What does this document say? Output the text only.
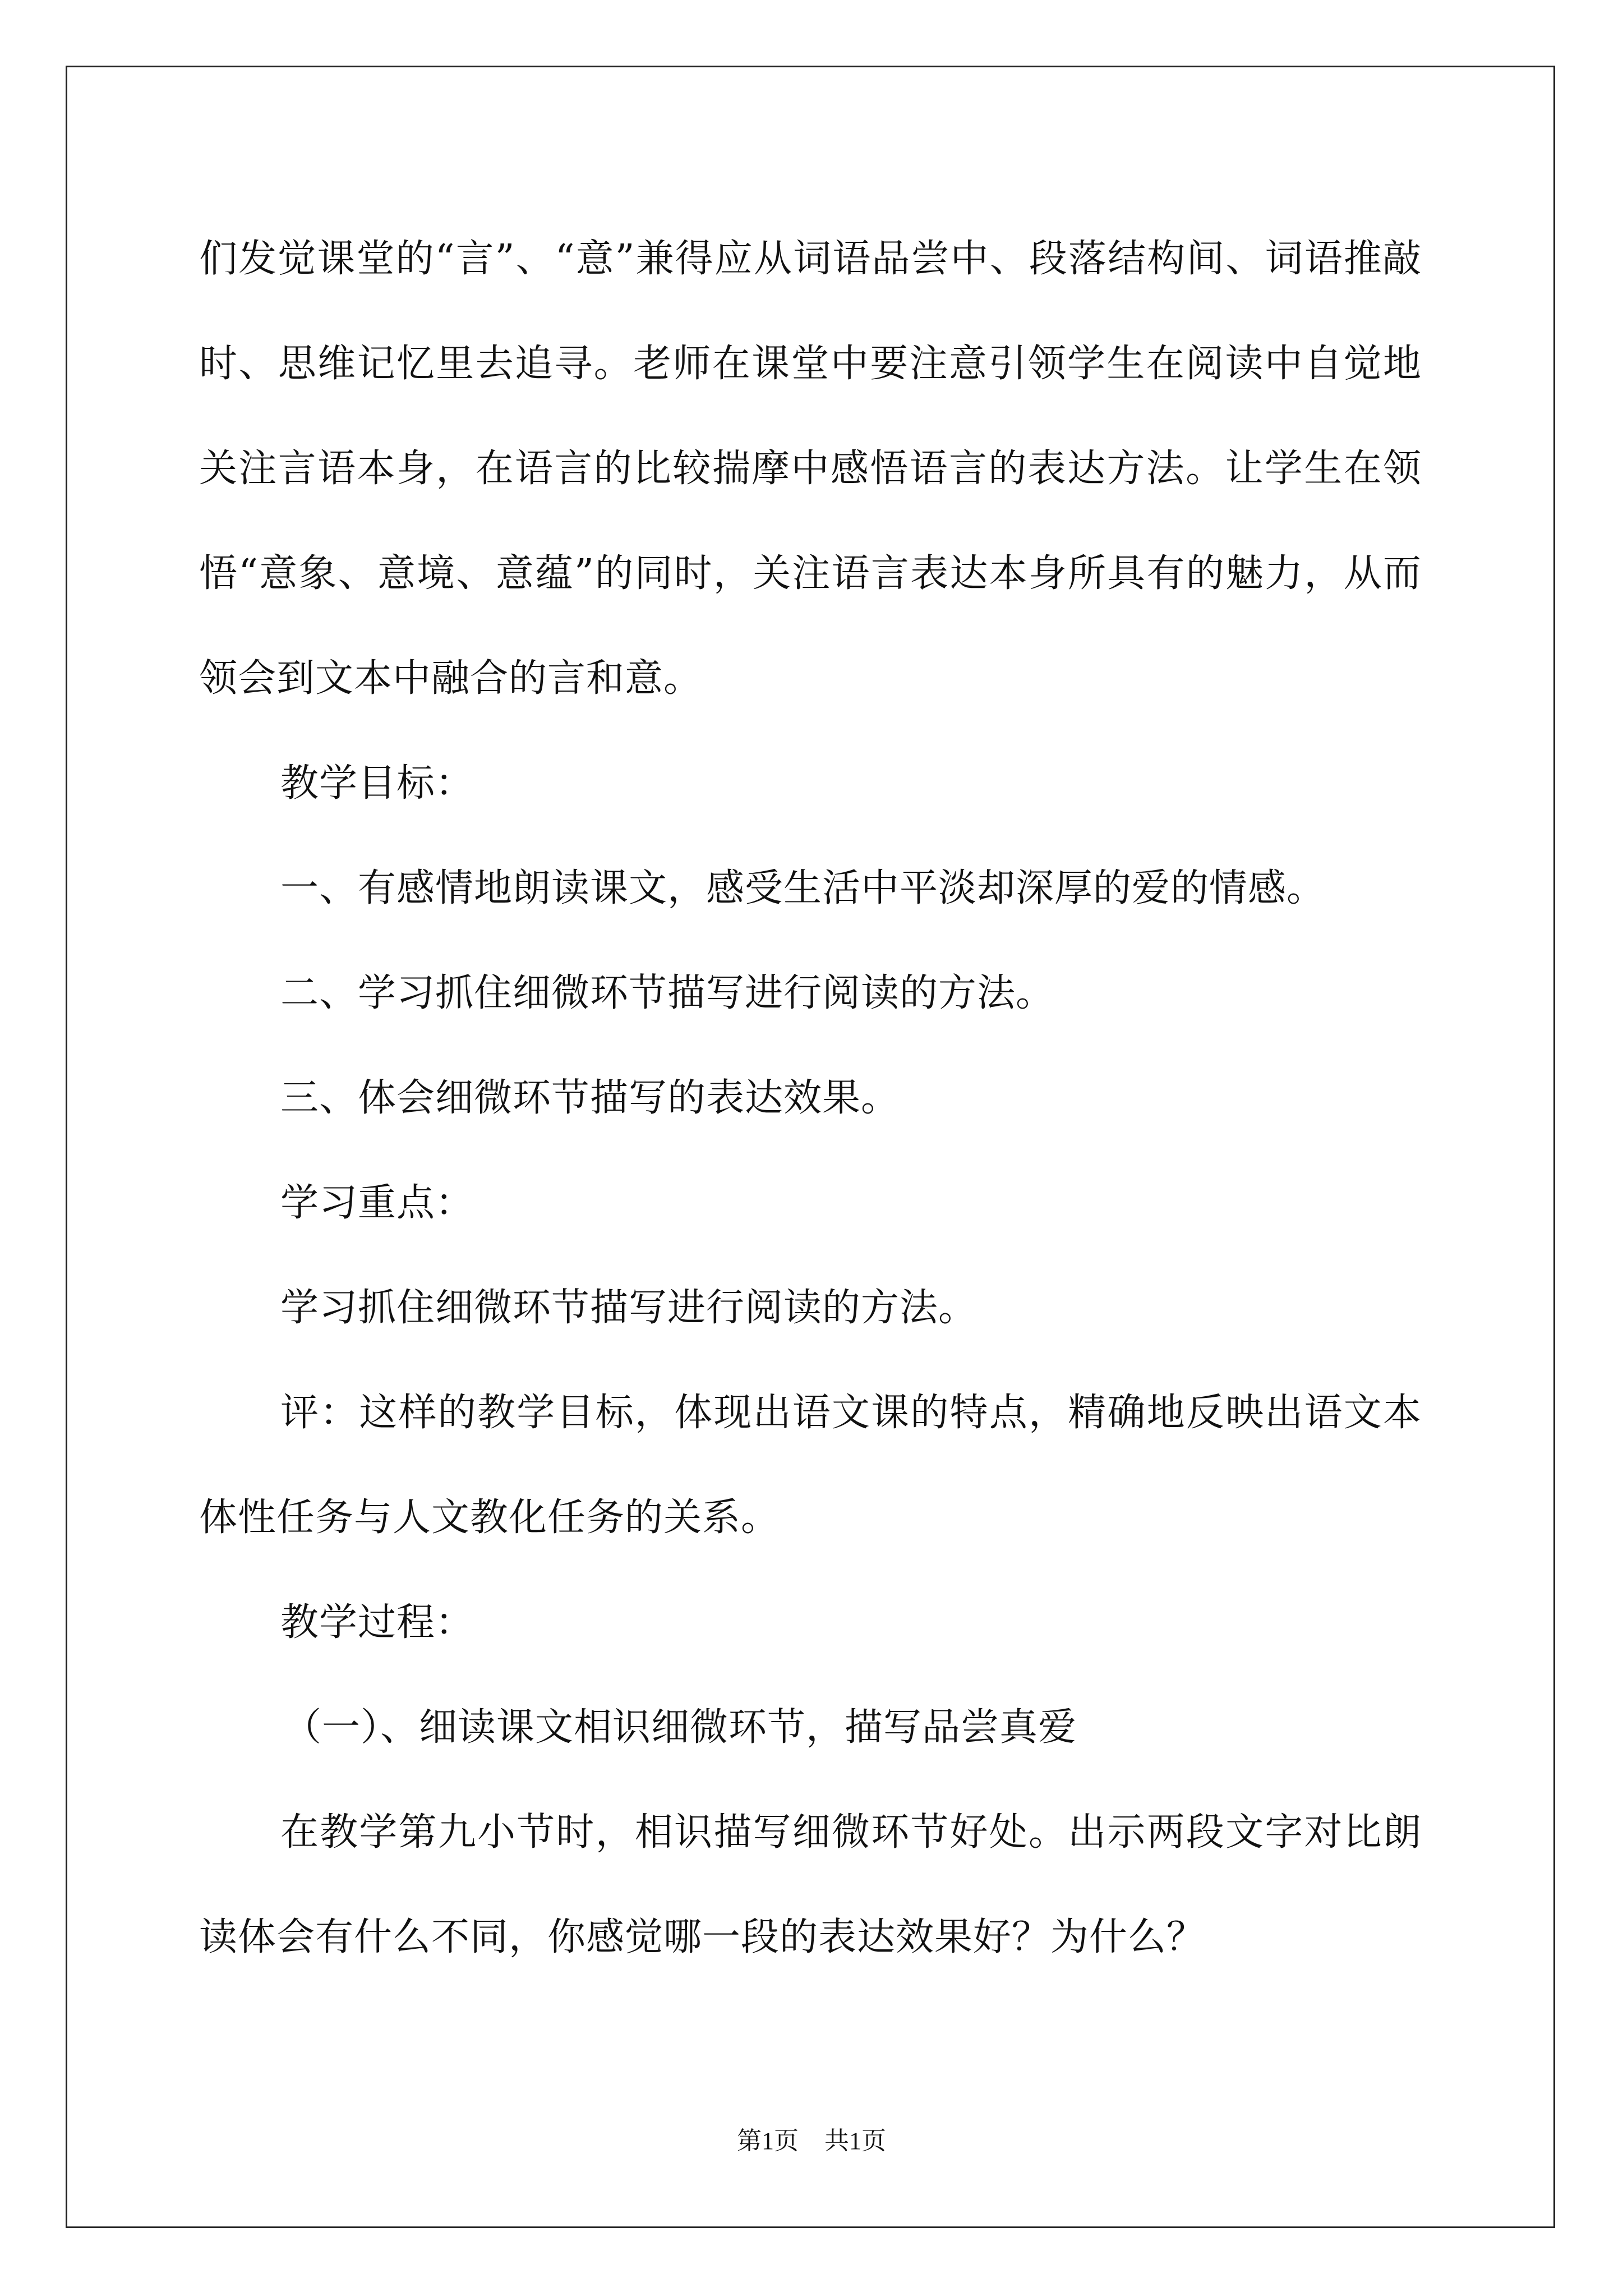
们发觉课堂的“言”、“意”兼得应从词语品尝中、段落结构间、词语推敲时、思维记忆里去追寻。老师在课堂中要注意引领学生在阅读中自觉地关注言语本身，在语言的比较揣摩中感悟语言的表达方法。让学生在领悟“意象、意境、意蕴”的同时，关注语言表达本身所具有的魅力，从而领会到文本中融合的言和意。

教学目标：

一、有感情地朗读课文，感受生活中平淡却深厚的爱的情感。

二、学习抓住细微环节描写进行阅读的方法。

三、体会细微环节描写的表达效果。

学习重点：

学习抓住细微环节描写进行阅读的方法。

评：这样的教学目标，体现出语文课的特点，精确地反映出语文本体性任务与人文教化任务的关系。

教学过程：

（一）、细读课文相识细微环节，描写品尝真爱

在教学第九小节时，相识描写细微环节好处。出示两段文字对比朗读体会有什么不同，你感觉哪一段的表达效果好？为什么？

第1页 共1页
